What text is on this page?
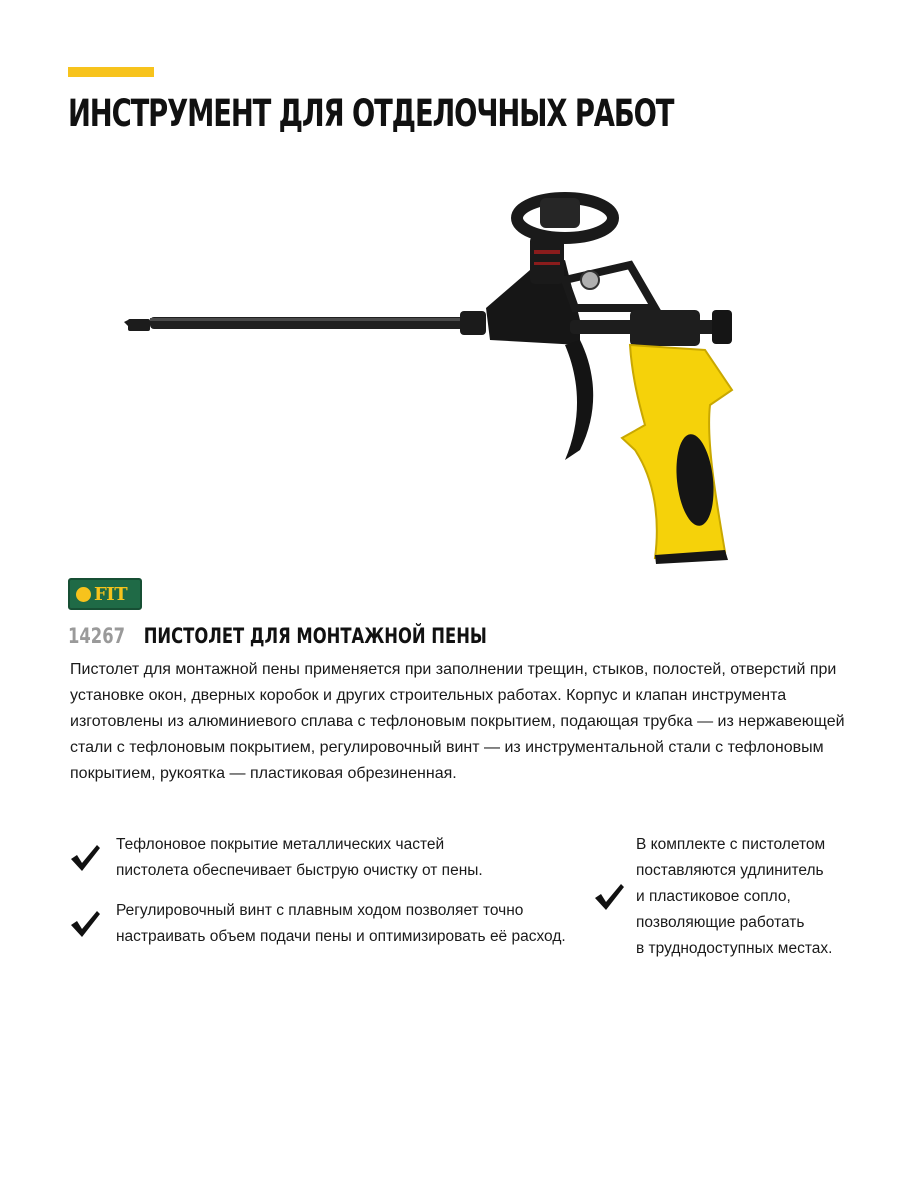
ИНСТРУМЕНТ ДЛЯ ОТДЕЛОЧНЫХ РАБОТ
FIT
14267 ПИСТОЛЕТ ДЛЯ МОНТАЖНОЙ ПЕНЫ

Пистолет для монтажной пены применяется при заполнении трещин, стыков, полостей, отверстий при установке окон, дверных коробок и других строительных работах. Корпус и клапан инструмента изготовлены из алюминиевого сплава с тефлоновым покрытием, подающая трубка — из нержавеющей стали с тефлоновым покрытием, регулировочный винт — из инструментальной стали с тефлоновым покрытием, рукоятка — пластиковая обрезиненная.

Тефлоновое покрытие металлических частей
пистолета обеспечивает быструю очистку от пены.

Регулировочный винт с плавным ходом позволяет точно
настраивать объем подачи пены и оптимизировать её расход.

В комплекте с пистолетом
поставляются удлинитель
и пластиковое сопло,
позволяющие работать
в труднодоступных местах.
